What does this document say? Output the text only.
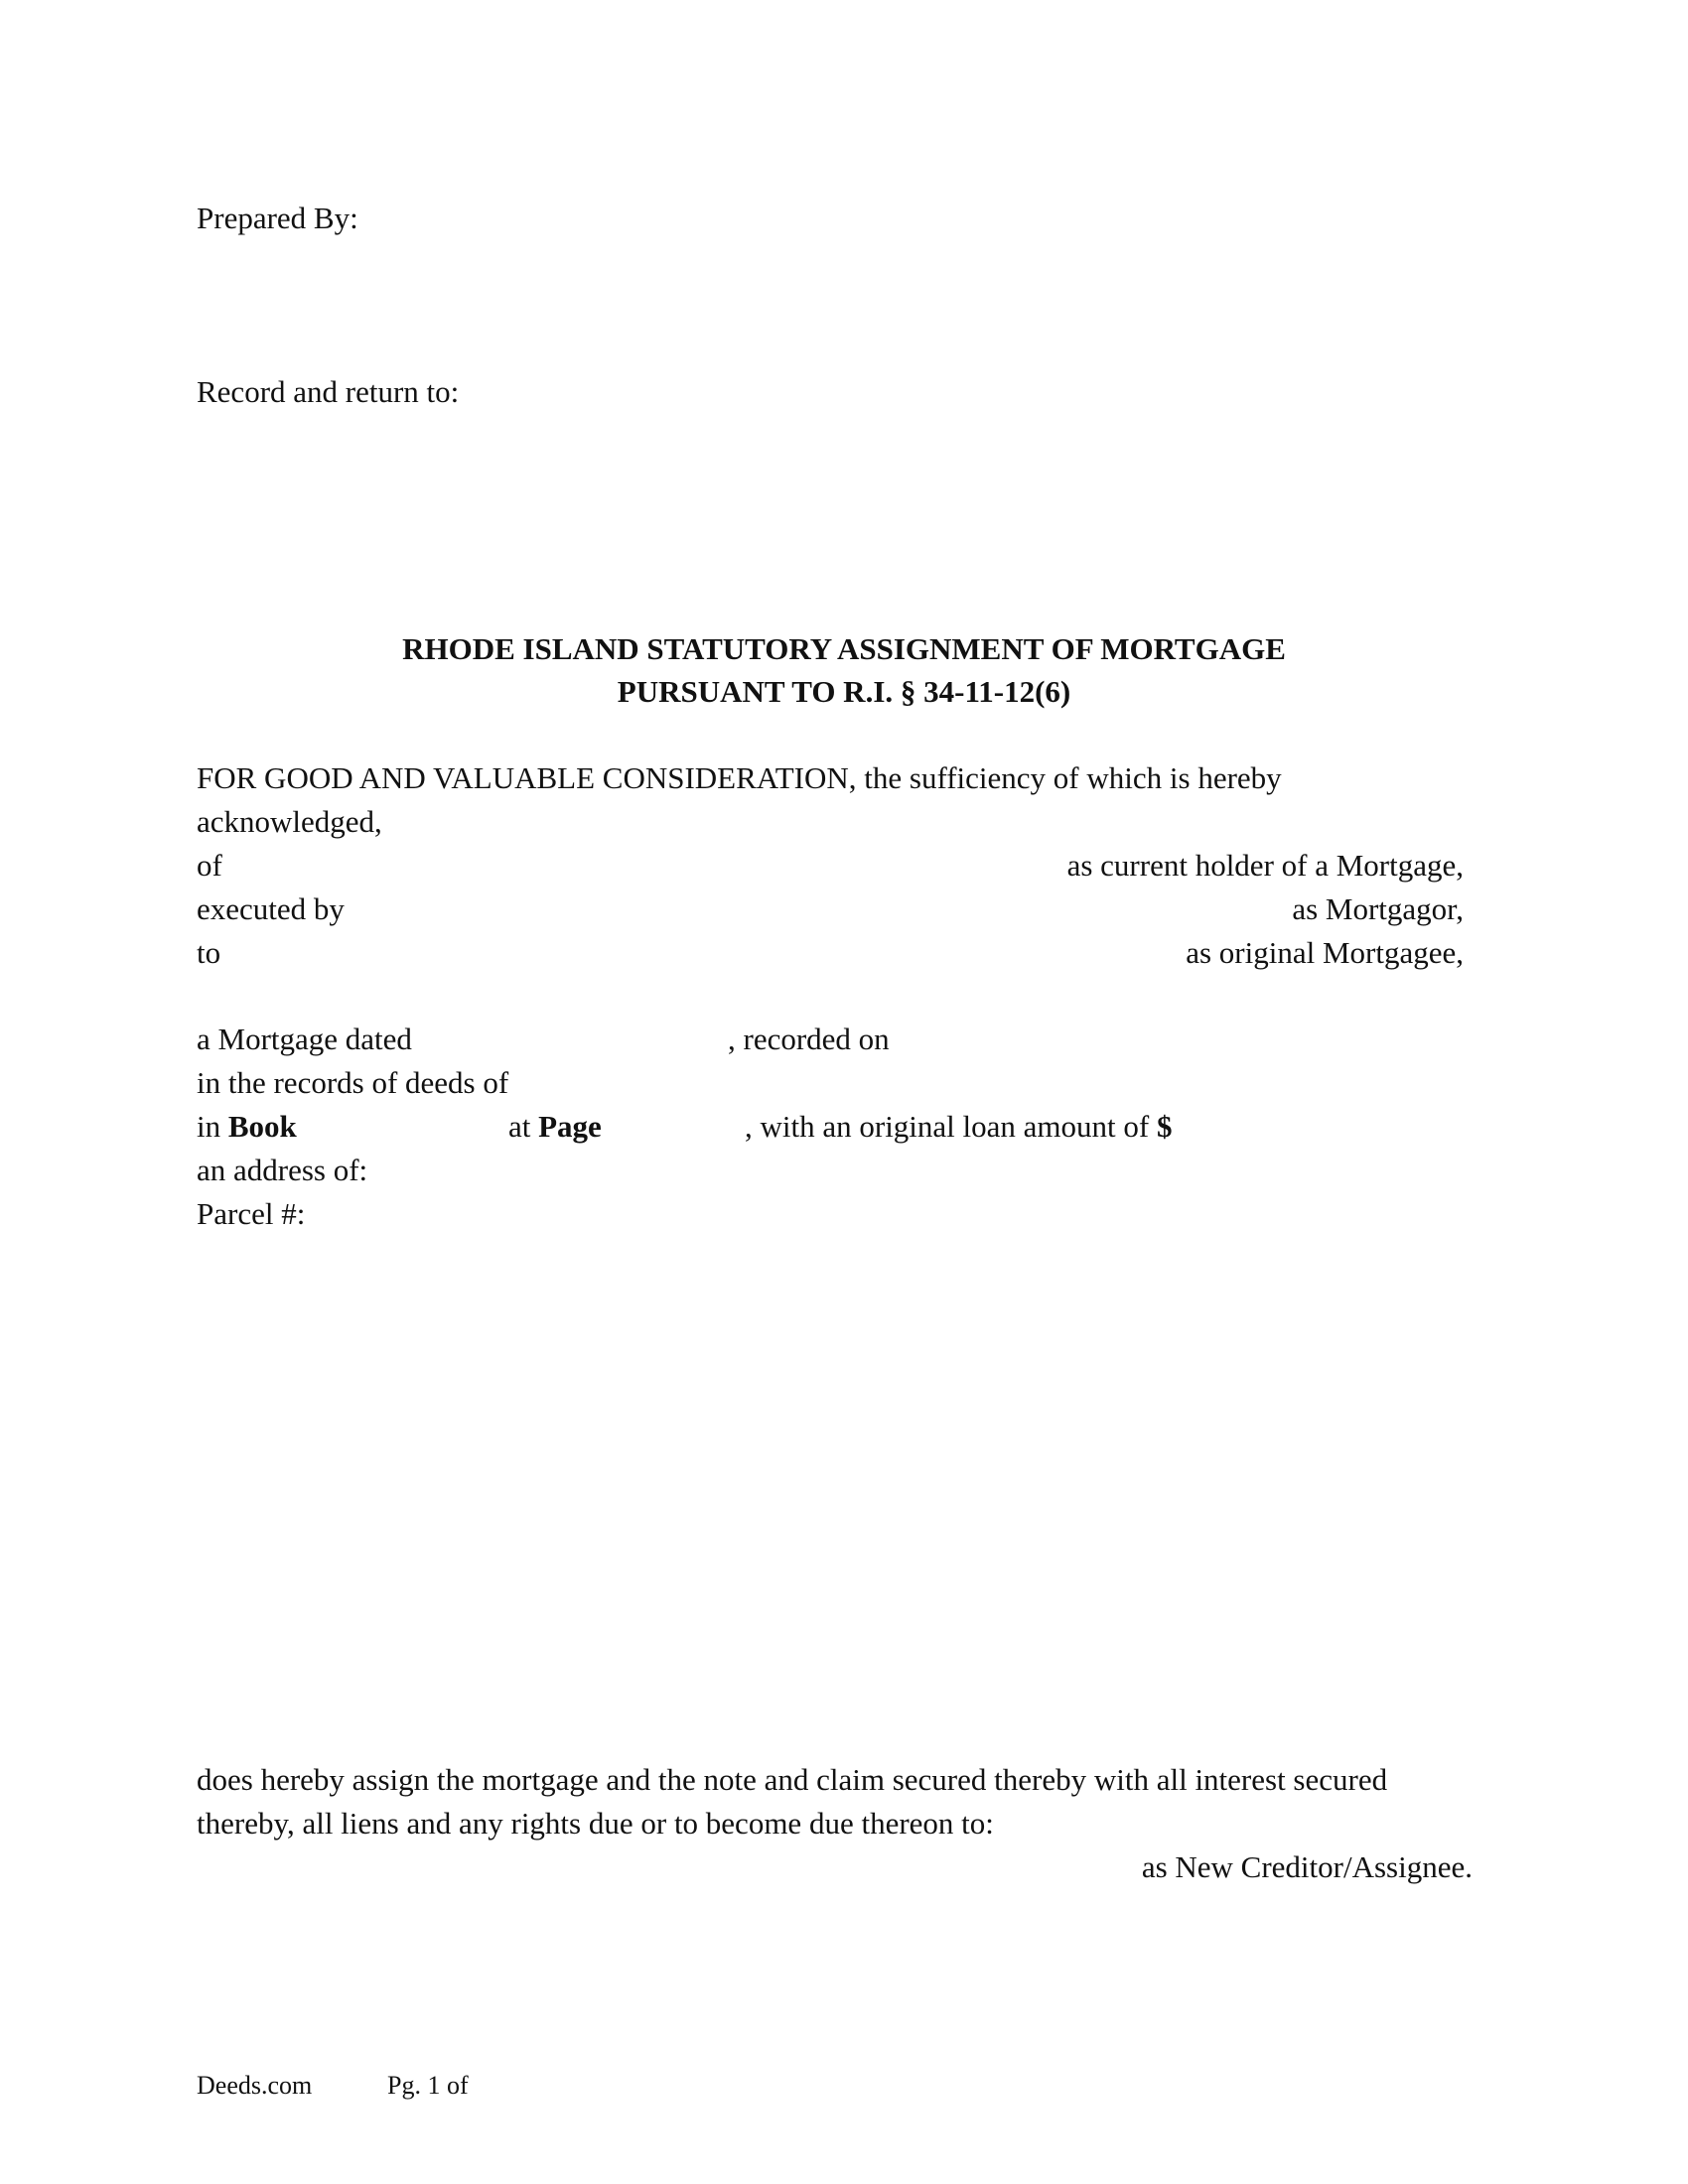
Prepared By:
Record and return to:
RHODE ISLAND STATUTORY ASSIGNMENT OF MORTGAGE
PURSUANT TO R.I. § 34-11-12(6)
FOR GOOD AND VALUABLE CONSIDERATION, the sufficiency of which is hereby
acknowledged,
of	as current holder of a Mortgage,
executed by	as Mortgagor,
to	as original Mortgagee,
a Mortgage dated	, recorded on
in the records of deeds of
in Book	at Page	, with an original loan amount of $
an address of:
Parcel #:
does hereby assign the mortgage and the note and claim secured thereby with all interest secured
thereby, all liens and any rights due or to become due thereon to:
as New Creditor/Assignee.
Deeds.com	Pg. 1 of
